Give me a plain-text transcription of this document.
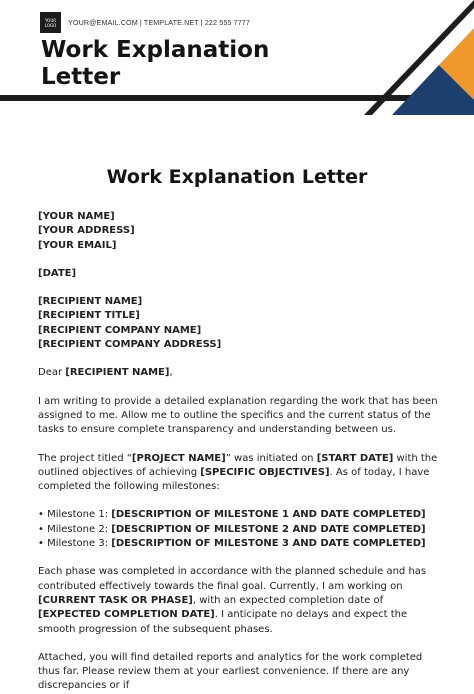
YOUR LOGO	YOUR@EMAIL.COM | TEMPLATE.NET | 222 555 7777
Work Explanation Letter
Work Explanation Letter

[YOUR NAME]

[YOUR ADDRESS]

[YOUR EMAIL]

[DATE]

[RECIPIENT NAME]

[RECIPIENT TITLE]

[RECIPIENT COMPANY NAME]

[RECIPIENT COMPANY ADDRESS]

Dear [RECIPIENT NAME],

I am writing to provide a detailed explanation regarding the work that has been assigned to me. Allow me to outline the specifics and the current status of the tasks to ensure complete transparency and understanding between us.

The project titled “[PROJECT NAME]” was initiated on [START DATE] with the outlined objectives of achieving [SPECIFIC OBJECTIVES]. As of today, I have completed the following milestones:

• Milestone 1: [DESCRIPTION OF MILESTONE 1 AND DATE COMPLETED]

• Milestone 2: [DESCRIPTION OF MILESTONE 2 AND DATE COMPLETED]

• Milestone 3: [DESCRIPTION OF MILESTONE 3 AND DATE COMPLETED]

Each phase was completed in accordance with the planned schedule and has contributed effectively towards the final goal. Currently, I am working on [CURRENT TASK OR PHASE], with an expected completion date of [EXPECTED COMPLETION DATE]. I anticipate no delays and expect the smooth progression of the subsequent phases.

Attached, you will find detailed reports and analytics for the work completed thus far. Please review them at your earliest convenience. If there are any discrepancies or if
